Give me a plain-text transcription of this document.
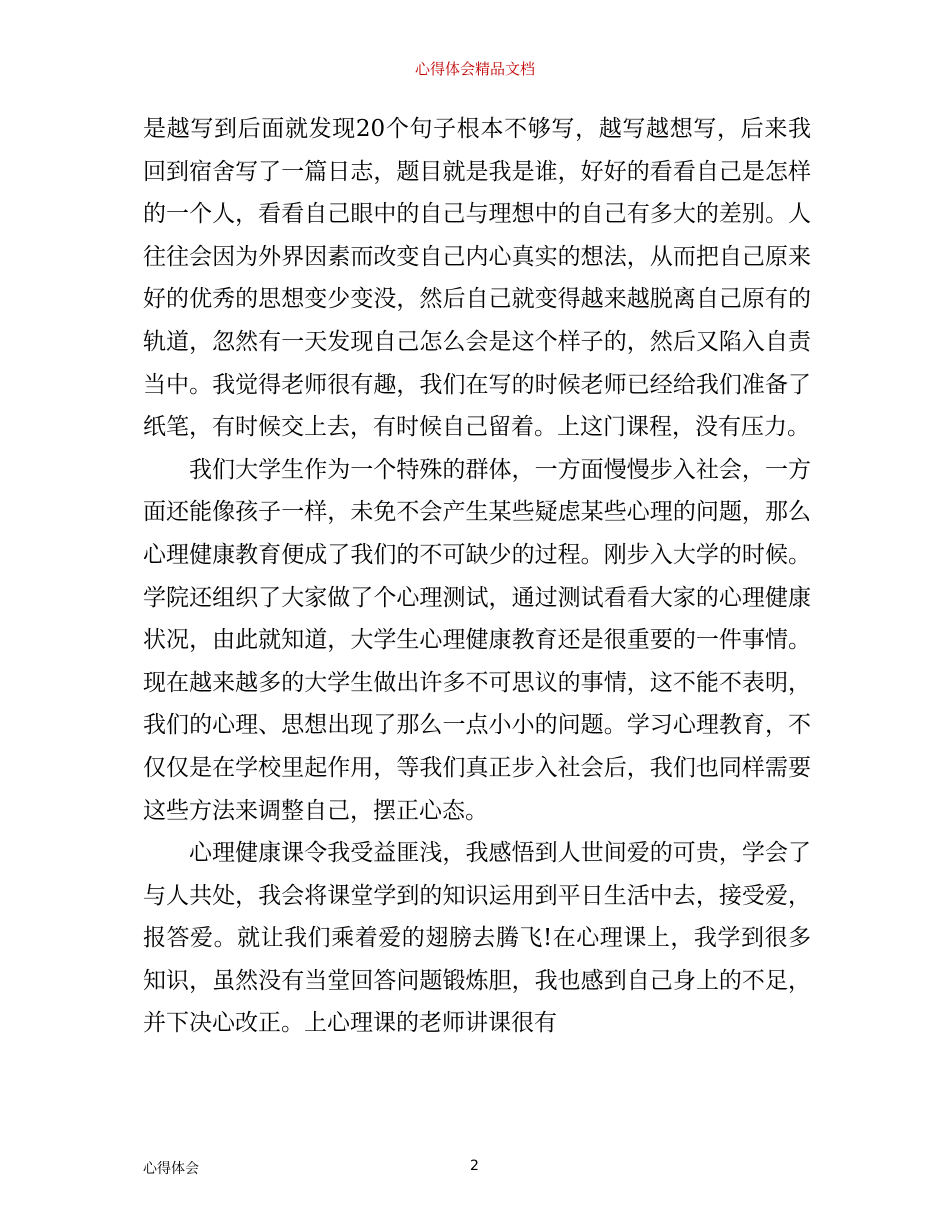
心得体会精品文档

是越写到后面就发现20个句子根本不够写，越写越想写，后来我回到宿舍写了一篇日志，题目就是我是谁，好好的看看自己是怎样的一个人，看看自己眼中的自己与理想中的自己有多大的差别。人往往会因为外界因素而改变自己内心真实的想法，从而把自己原来好的优秀的思想变少变没，然后自己就变得越来越脱离自己原有的轨道，忽然有一天发现自己怎么会是这个样子的，然后又陷入自责当中。我觉得老师很有趣，我们在写的时候老师已经给我们准备了纸笔，有时候交上去，有时候自己留着。上这门课程，没有压力。

我们大学生作为一个特殊的群体，一方面慢慢步入社会，一方面还能像孩子一样，未免不会产生某些疑虑某些心理的问题，那么心理健康教育便成了我们的不可缺少的过程。刚步入大学的时候。学院还组织了大家做了个心理测试，通过测试看看大家的心理健康状况，由此就知道，大学生心理健康教育还是很重要的一件事情。现在越来越多的大学生做出许多不可思议的事情，这不能不表明，我们的心理、思想出现了那么一点小小的问题。学习心理教育，不仅仅是在学校里起作用，等我们真正步入社会后，我们也同样需要这些方法来调整自己，摆正心态。

心理健康课令我受益匪浅，我感悟到人世间爱的可贵，学会了与人共处，我会将课堂学到的知识运用到平日生活中去，接受爱，报答爱。就让我们乘着爱的翅膀去腾飞!在心理课上，我学到很多知识，虽然没有当堂回答问题锻炼胆，我也感到自己身上的不足，并下决心改正。上心理课的老师讲课很有

心得体会	2
